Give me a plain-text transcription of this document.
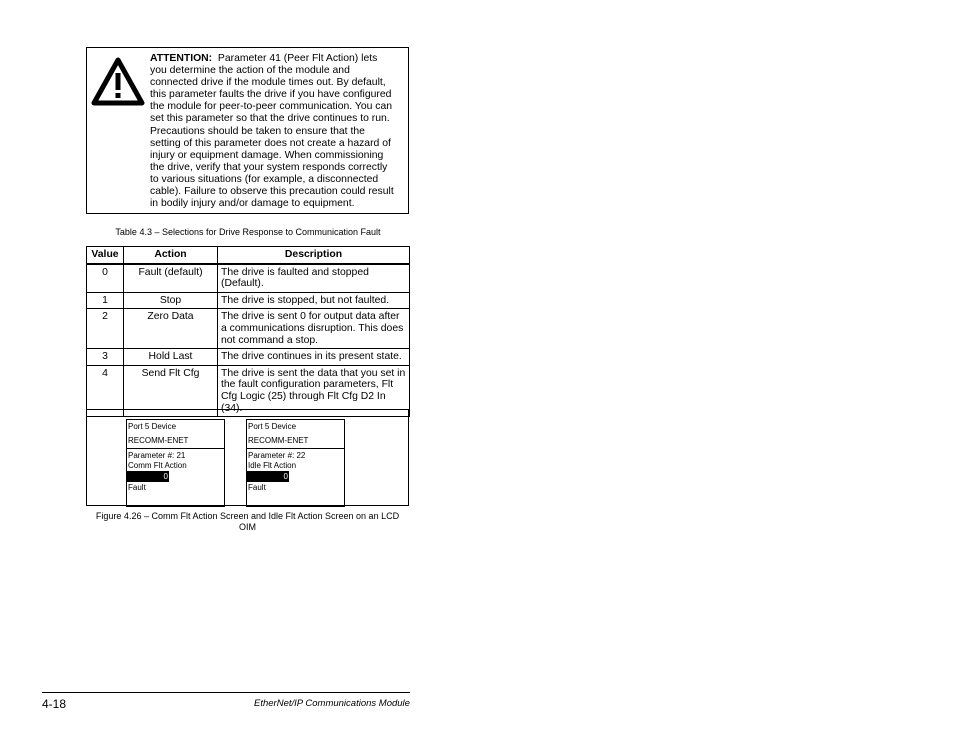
ATTENTION: Parameter 41 (Peer Flt Action) lets
you determine the action of the module and
connected drive if the module times out. By default,
this parameter faults the drive if you have configured
the module for peer-to-peer communication. You can
set this parameter so that the drive continues to run.
Precautions should be taken to ensure that the
setting of this parameter does not create a hazard of
injury or equipment damage. When commissioning
the drive, verify that your system responds correctly
to various situations (for example, a disconnected
cable). Failure to observe this precaution could result
in bodily injury and/or damage to equipment.
Table 4.3 – Selections for Drive Response to Communication Fault
Value	Action	Description
0	Fault (default)	The drive is faulted and stopped (Default).
1	Stop	The drive is stopped, but not faulted.
2	Zero Data	The drive is sent 0 for output data after a communications disruption. This does not command a stop.
3	Hold Last	The drive continues in its present state.
4	Send Flt Cfg	The drive is sent the data that you set in the fault configuration parameters, Flt Cfg Logic (25) through Flt Cfg D2 In (34).
Port 5 Device
RECOMM-ENET
Parameter #: 21
Comm Flt Action
0
Fault
Port 5 Device
RECOMM-ENET
Parameter #: 22
Idle Flt Action
0
Fault
Figure 4.26 – Comm Flt Action Screen and Idle Flt Action Screen on an LCD
OIM
4-18	EtherNet/IP Communications Module
